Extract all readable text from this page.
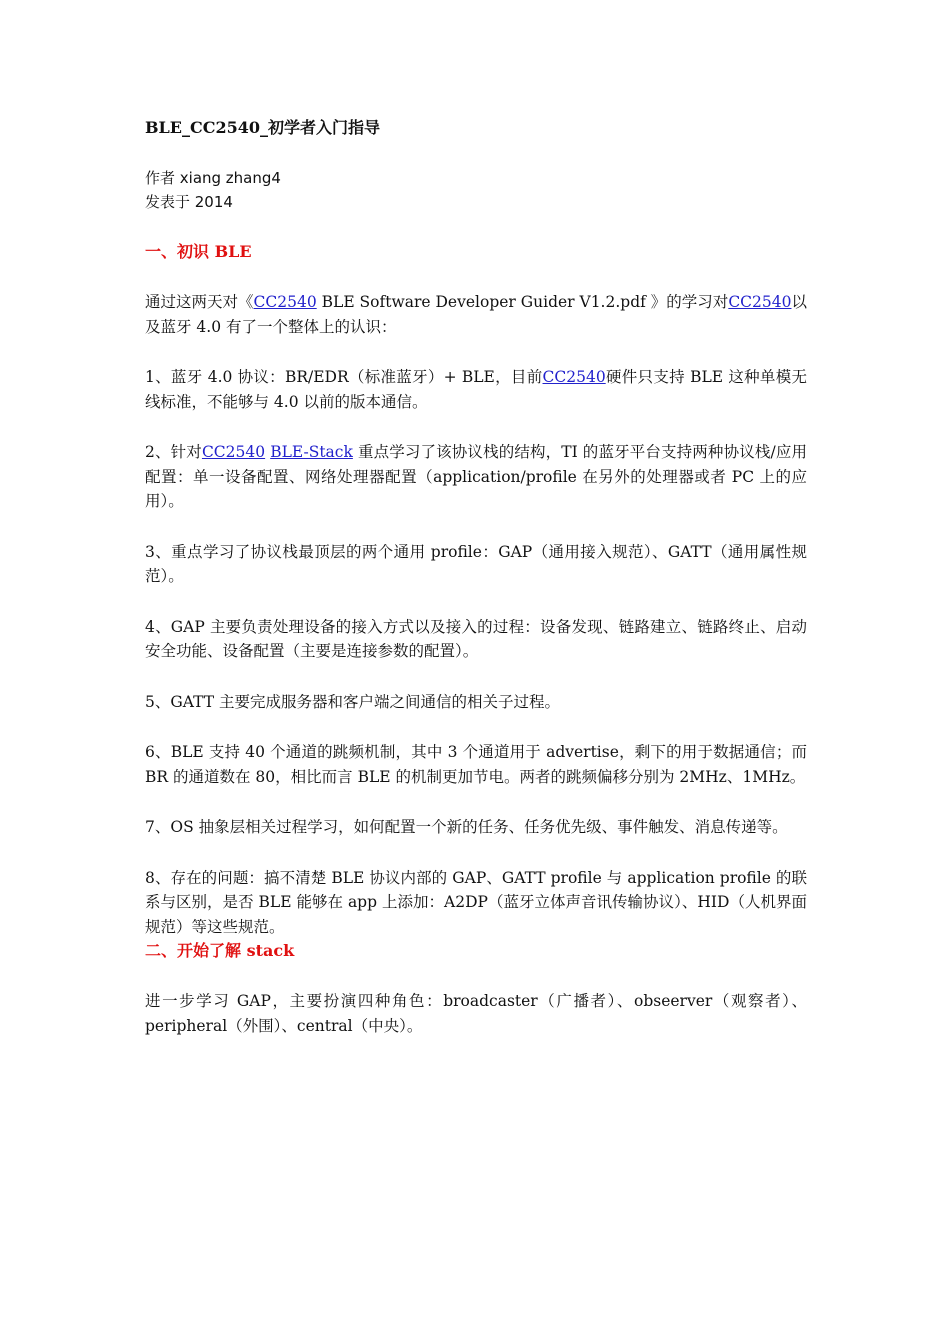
BLE_CC2540_初学者入门指导
作者 xiang zhang4
发表于 2014
一、初识 BLE

通过这两天对《CC2540 BLE Software Developer Guider V1.2.pdf 》的学习对CC2540以及蓝牙 4.0 有了一个整体上的认识：

1、蓝牙 4.0 协议：BR/EDR（标准蓝牙）+ BLE，目前CC2540硬件只支持 BLE 这种单模无线标准，不能够与 4.0 以前的版本通信。

2、针对CC2540 BLE-Stack 重点学习了该协议栈的结构，TI 的蓝牙平台支持两种协议栈/应用配置：单一设备配置、网络处理器配置（application/profile 在另外的处理器或者 PC 上的应用）。

3、重点学习了协议栈最顶层的两个通用 profile：GAP（通用接入规范）、GATT（通用属性规范）。

4、GAP 主要负责处理设备的接入方式以及接入的过程：设备发现、链路建立、链路终止、启动安全功能、设备配置（主要是连接参数的配置）。

5、GATT 主要完成服务器和客户端之间通信的相关子过程。

6、BLE 支持 40 个通道的跳频机制，其中 3 个通道用于 advertise，剩下的用于数据通信；而 BR 的通道数在 80，相比而言 BLE 的机制更加节电。两者的跳频偏移分别为 2MHz、1MHz。

7、OS 抽象层相关过程学习，如何配置一个新的任务、任务优先级、事件触发、消息传递等。

8、存在的问题：搞不清楚 BLE 协议内部的 GAP、GATT profile 与 application profile 的联系与区别，是否 BLE 能够在 app 上添加：A2DP（蓝牙立体声音讯传输协议）、HID（人机界面规范）等这些规范。

二、开始了解 stack

进一步学习 GAP，主要扮演四种角色：broadcaster（广播者）、obseerver（观察者）、peripheral（外围）、central（中央）。
